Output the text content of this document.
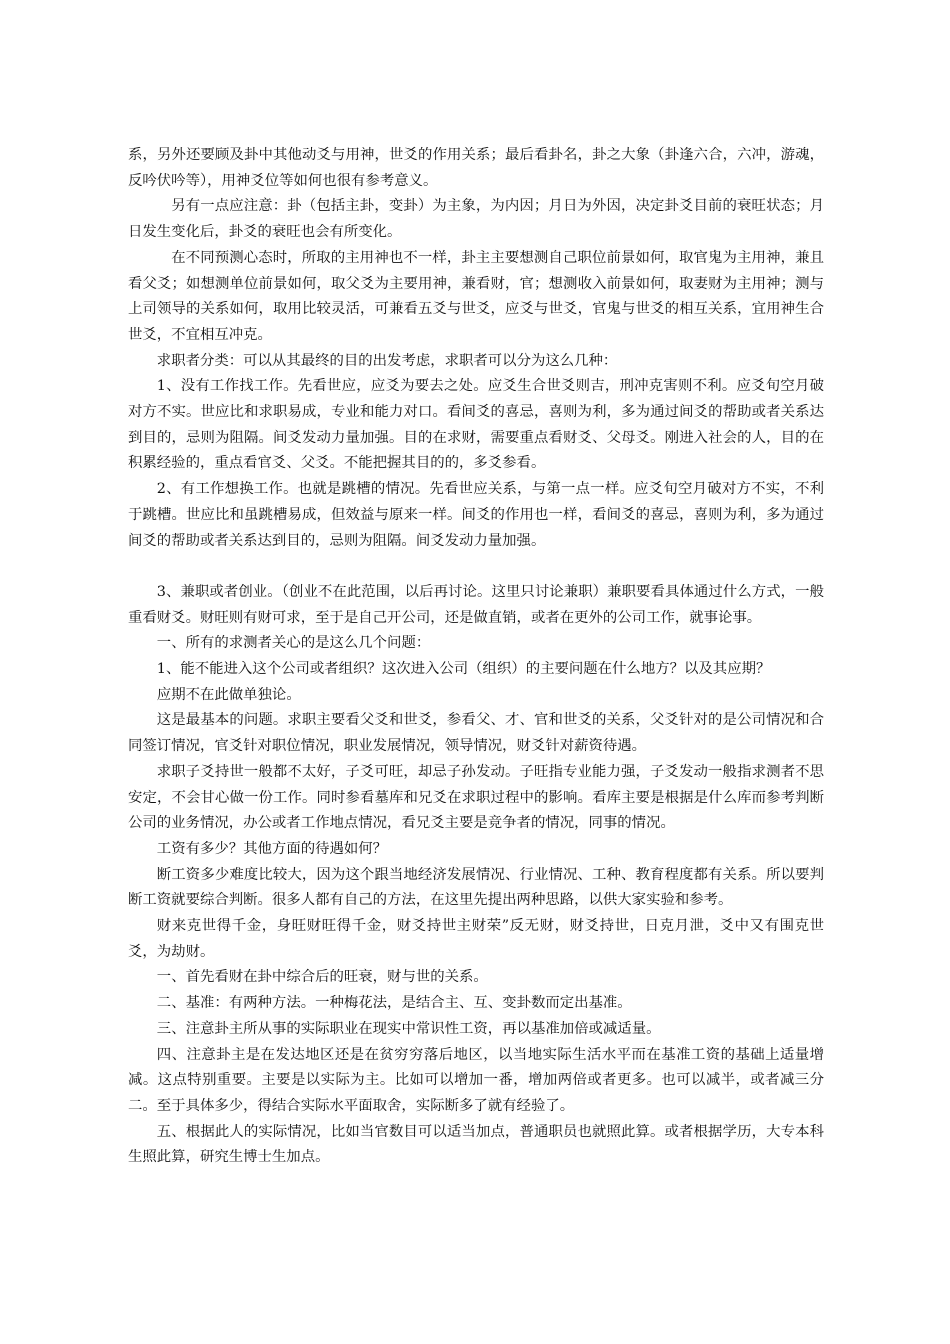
系，另外还要顾及卦中其他动爻与用神，世爻的作用关系；最后看卦名，卦之大象（卦逢六合，六冲，游魂，反吟伏吟等），用神爻位等如何也很有参考意义。

另有一点应注意：卦（包括主卦，变卦）为主象，为内因；月日为外因，决定卦爻目前的衰旺状态；月日发生变化后，卦爻的衰旺也会有所变化。

在不同预测心态时，所取的主用神也不一样，卦主主要想测自己职位前景如何，取官鬼为主用神，兼且看父爻；如想测单位前景如何，取父爻为主要用神，兼看财，官；想测收入前景如何，取妻财为主用神；测与上司领导的关系如何，取用比较灵活，可兼看五爻与世爻，应爻与世爻，官鬼与世爻的相互关系，宜用神生合世爻，不宜相互冲克。

求职者分类：可以从其最终的目的出发考虑，求职者可以分为这么几种：

1、没有工作找工作。先看世应，应爻为要去之处。应爻生合世爻则吉，刑冲克害则不利。应爻旬空月破对方不实。世应比和求职易成，专业和能力对口。看间爻的喜忌，喜则为利，多为通过间爻的帮助或者关系达到目的，忌则为阻隔。间爻发动力量加强。目的在求财，需要重点看财爻、父母爻。刚进入社会的人，目的在积累经验的，重点看官爻、父爻。不能把握其目的的，多爻参看。

2、有工作想换工作。也就是跳槽的情况。先看世应关系，与第一点一样。应爻旬空月破对方不实，不利于跳槽。世应比和虽跳槽易成，但效益与原来一样。间爻的作用也一样，看间爻的喜忌，喜则为利，多为通过间爻的帮助或者关系达到目的，忌则为阻隔。间爻发动力量加强。

3、兼职或者创业。（创业不在此范围，以后再讨论。这里只讨论兼职）兼职要看具体通过什么方式，一般重看财爻。财旺则有财可求，至于是自己开公司，还是做直销，或者在更外的公司工作，就事论事。

一、所有的求测者关心的是这么几个问题：

1、能不能进入这个公司或者组织？这次进入公司（组织）的主要问题在什么地方？以及其应期？

应期不在此做单独论。

这是最基本的问题。求职主要看父爻和世爻，参看父、才、官和世爻的关系，父爻针对的是公司情况和合同签订情况，官爻针对职位情况，职业发展情况，领导情况，财爻针对薪资待遇。

求职子爻持世一般都不太好，子爻可旺，却忌子孙发动。子旺指专业能力强，子爻发动一般指求测者不思安定，不会甘心做一份工作。同时参看墓库和兄爻在求职过程中的影响。看库主要是根据是什么库而参考判断公司的业务情况，办公或者工作地点情况，看兄爻主要是竞争者的情况，同事的情况。

工资有多少？其他方面的待遇如何？

断工资多少难度比较大，因为这个跟当地经济发展情况、行业情况、工种、教育程度都有关系。所以要判断工资就要综合判断。很多人都有自己的方法，在这里先提出两种思路，以供大家实验和参考。

财来克世得千金，身旺财旺得千金，财爻持世主财荣”反无财，财爻持世，日克月泄，爻中又有围克世爻，为劫财。

一、首先看财在卦中综合后的旺衰，财与世的关系。

二、基准：有两种方法。一种梅花法，是结合主、互、变卦数而定出基准。

三、注意卦主所从事的实际职业在现实中常识性工资，再以基准加倍或减适量。

四、注意卦主是在发达地区还是在贫穷穷落后地区，以当地实际生活水平而在基准工资的基础上适量增减。这点特别重要。主要是以实际为主。比如可以增加一番，增加两倍或者更多。也可以减半，或者减三分二。至于具体多少，得结合实际水平面取舍，实际断多了就有经验了。

五、根据此人的实际情况，比如当官数目可以适当加点，普通职员也就照此算。或者根据学历，大专本科生照此算，研究生博士生加点。
